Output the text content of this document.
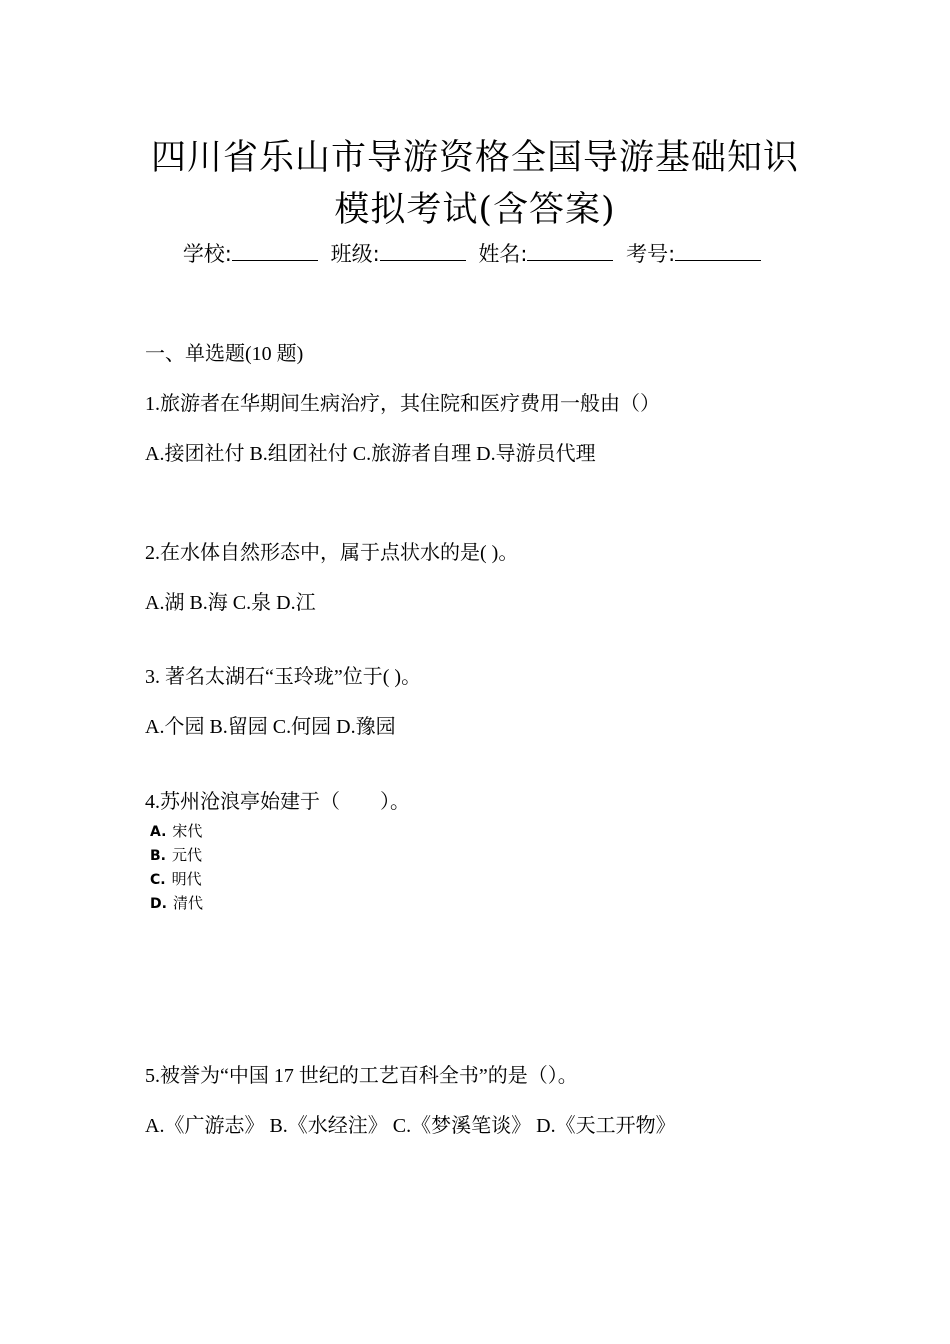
四川省乐山市导游资格全国导游基础知识
模拟考试(含答案)
学校:	班级:	姓名:	考号:
一、单选题(10 题)
1.旅游者在华期间生病治疗，其住院和医疗费用一般由（）
A.接团社付 B.组团社付 C.旅游者自理 D.导游员代理
2.在水体自然形态中，属于点状水的是( )。
A.湖 B.海 C.泉 D.江
3. 著名太湖石“玉玲珑”位于( )。
A.个园 B.留园 C.何园 D.豫园
4.苏州沧浪亭始建于（　　）。
A. 宋代
B. 元代
C. 明代
D. 清代
5.被誉为“中国 17 世纪的工艺百科全书”的是（）。
A.《广游志》 B.《水经注》 C.《梦溪笔谈》 D.《天工开物》
